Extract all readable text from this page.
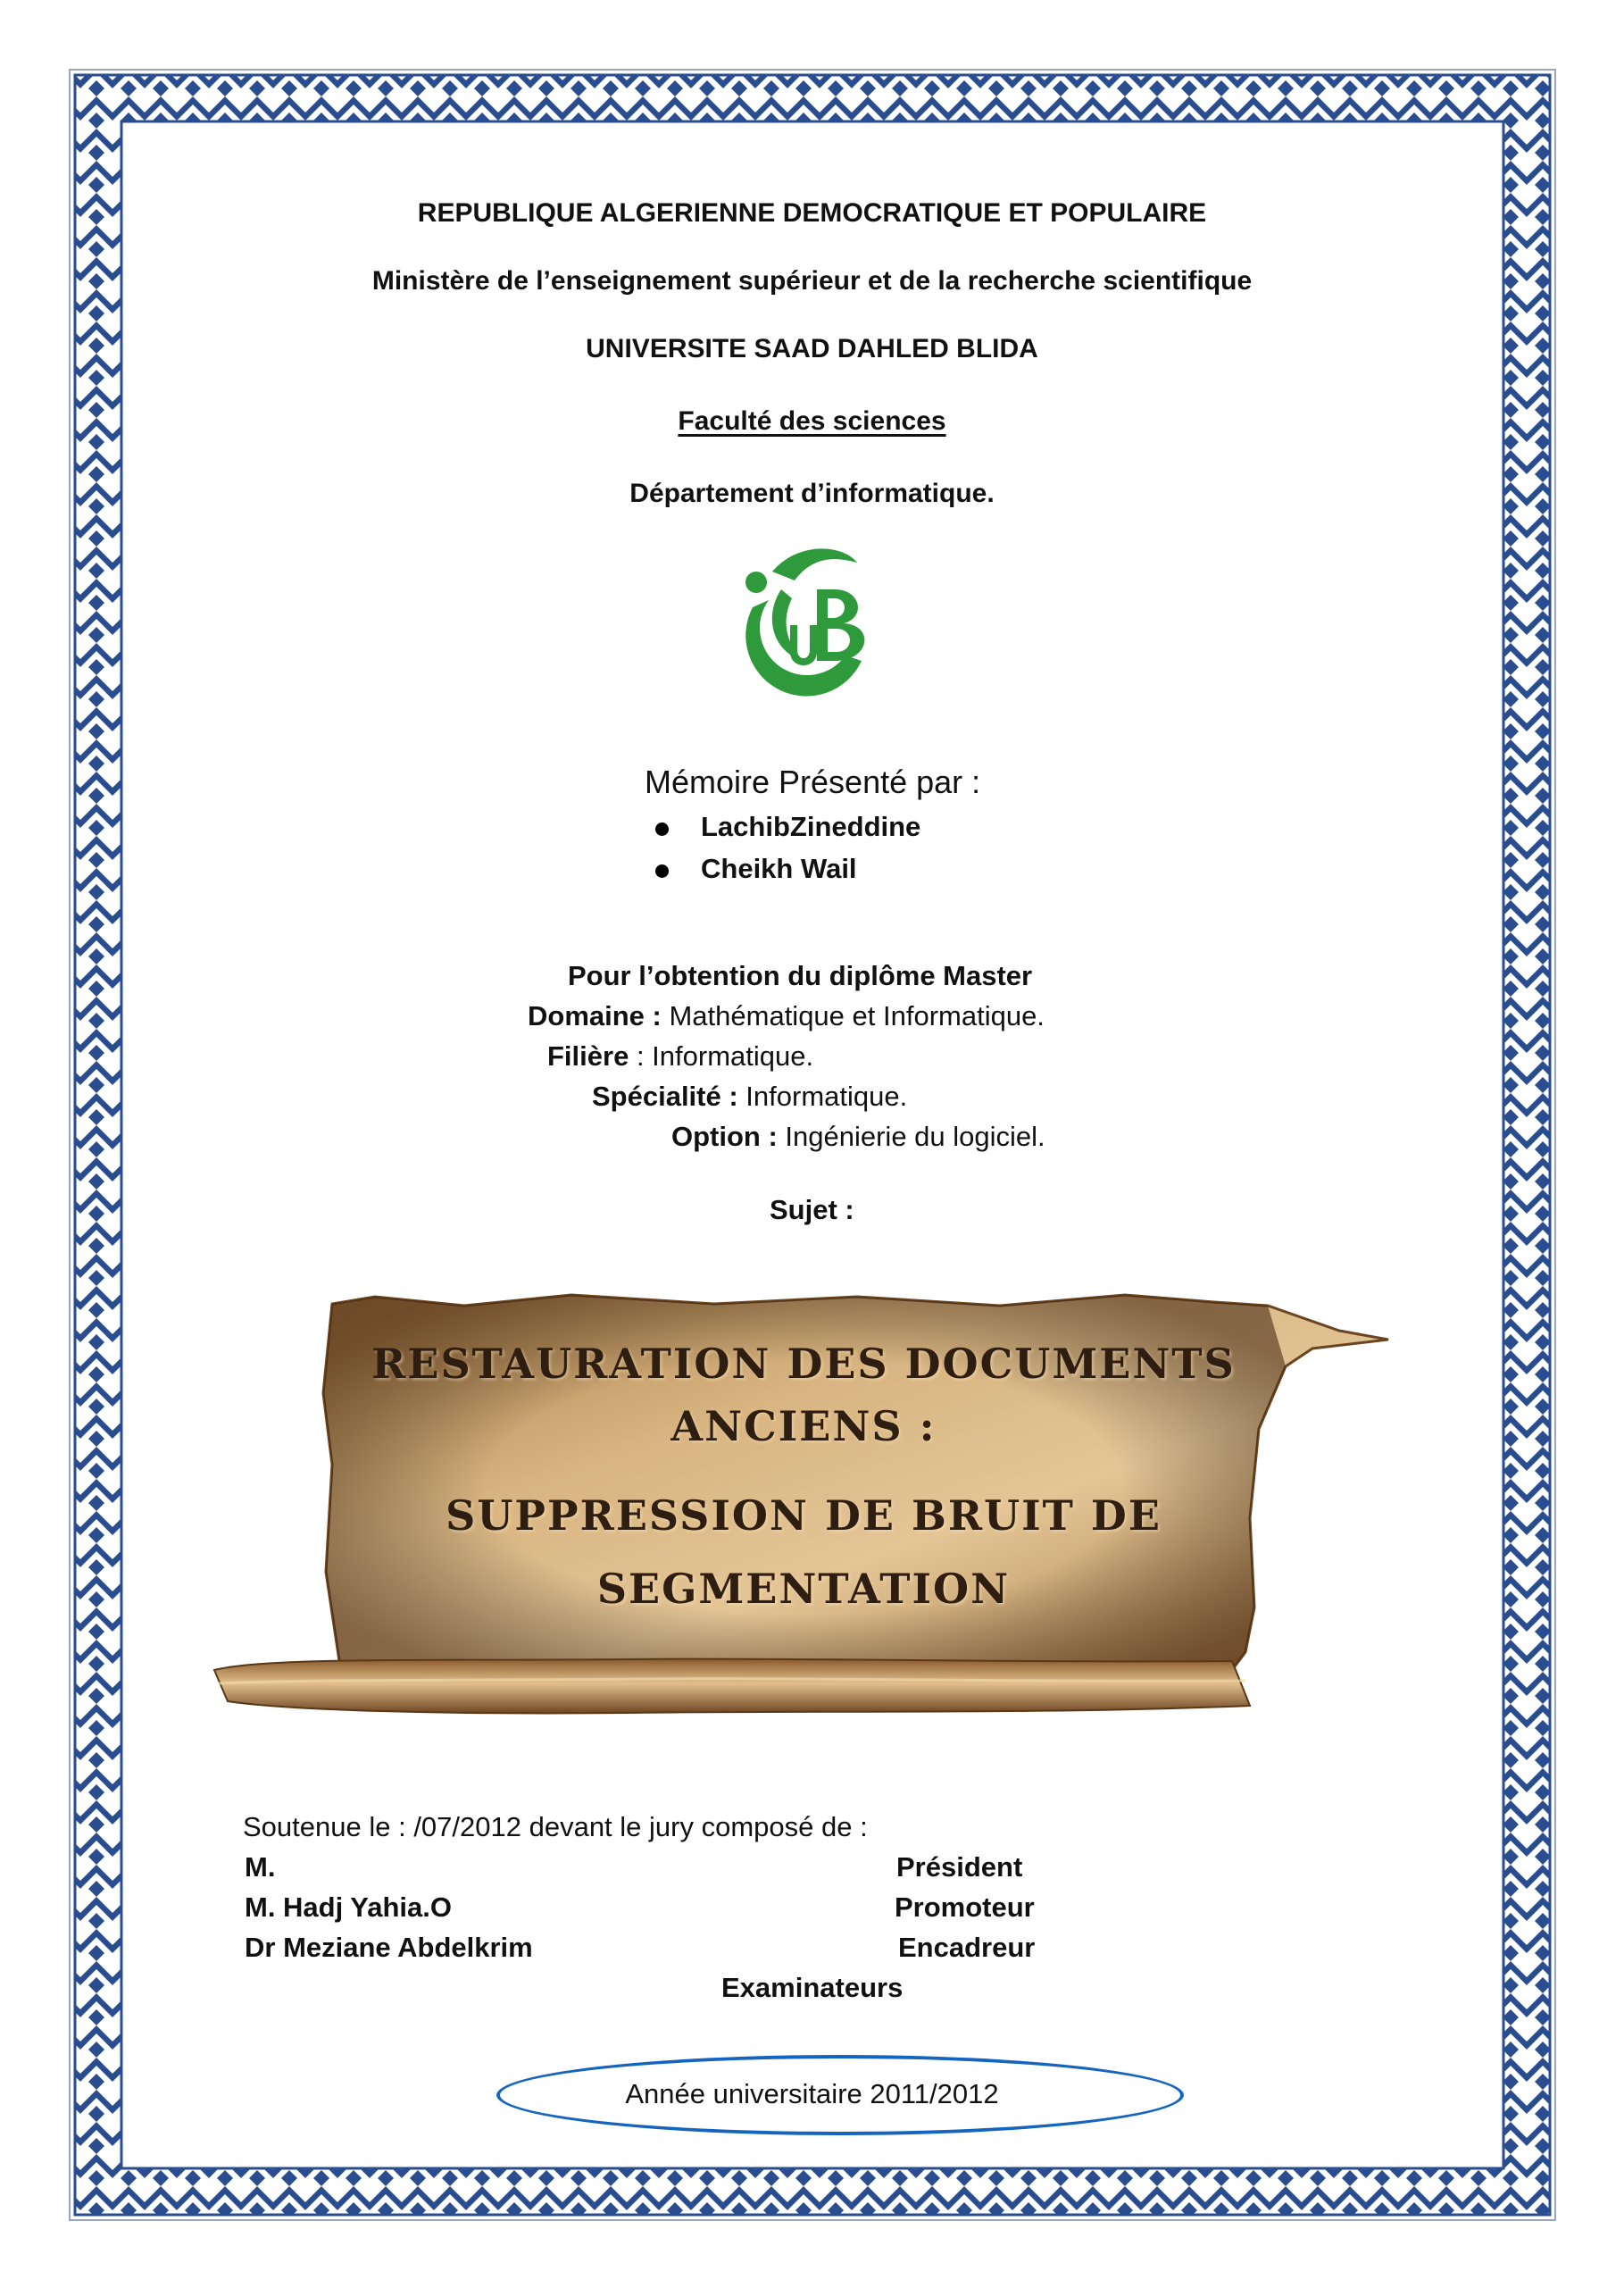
REPUBLIQUE ALGERIENNE DEMOCRATIQUE ET POPULAIRE
Ministère de l’enseignement supérieur et de la recherche scientifique
UNIVERSITE SAAD DAHLED BLIDA
Faculté des sciences
Département d’informatique.
Mémoire Présenté par :
LachibZineddine
Cheikh Wail
Pour l’obtention du diplôme Master
Domaine : Mathématique et Informatique.
Filière : Informatique.
Spécialité : Informatique.
Option : Ingénierie du logiciel.
Sujet :
RESTAURATION DES DOCUMENTS
ANCIENS :
SUPPRESSION DE BRUIT DE
SEGMENTATION
Soutenue le : /07/2012 devant le jury composé de :
M.	Président
M. Hadj Yahia.O	Promoteur
Dr Meziane Abdelkrim	Encadreur
Examinateurs
Année universitaire 2011/2012
